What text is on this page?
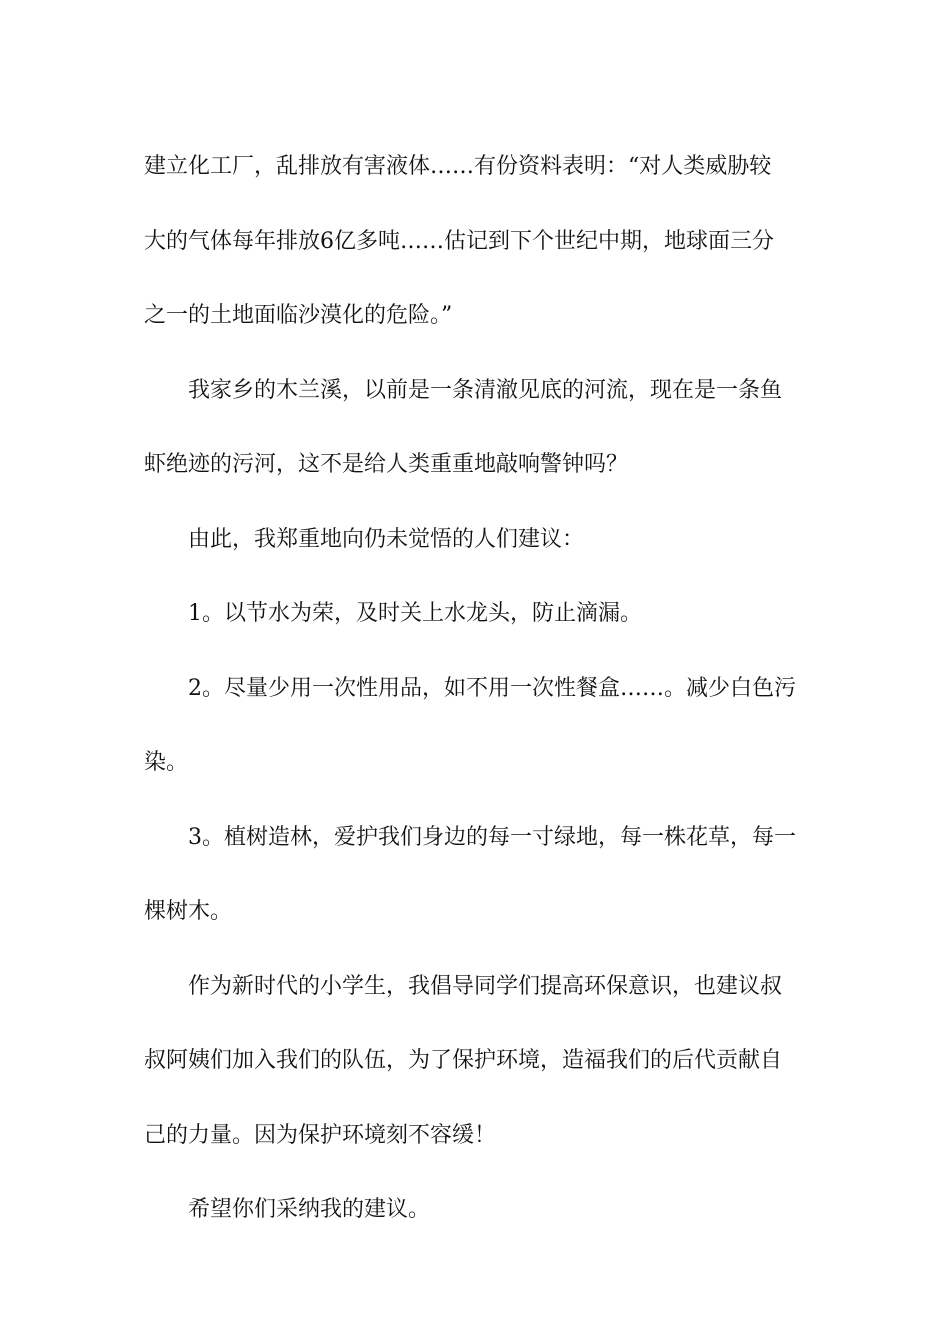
建立化工厂，乱排放有害液体……有份资料表明：“对人类威胁较
大的气体每年排放6亿多吨……估记到下个世纪中期，地球面三分
之一的土地面临沙漠化的危险。”
我家乡的木兰溪，以前是一条清澈见底的河流，现在是一条鱼
虾绝迹的污河，这不是给人类重重地敲响警钟吗？
由此，我郑重地向仍未觉悟的人们建议：
1。以节水为荣，及时关上水龙头，防止滴漏。
2。尽量少用一次性用品，如不用一次性餐盒……。减少白色污
染。
3。植树造林，爱护我们身边的每一寸绿地，每一株花草，每一
棵树木。
作为新时代的小学生，我倡导同学们提高环保意识，也建议叔
叔阿姨们加入我们的队伍，为了保护环境，造福我们的后代贡献自
己的力量。因为保护环境刻不容缓！
希望你们采纳我的建议。
